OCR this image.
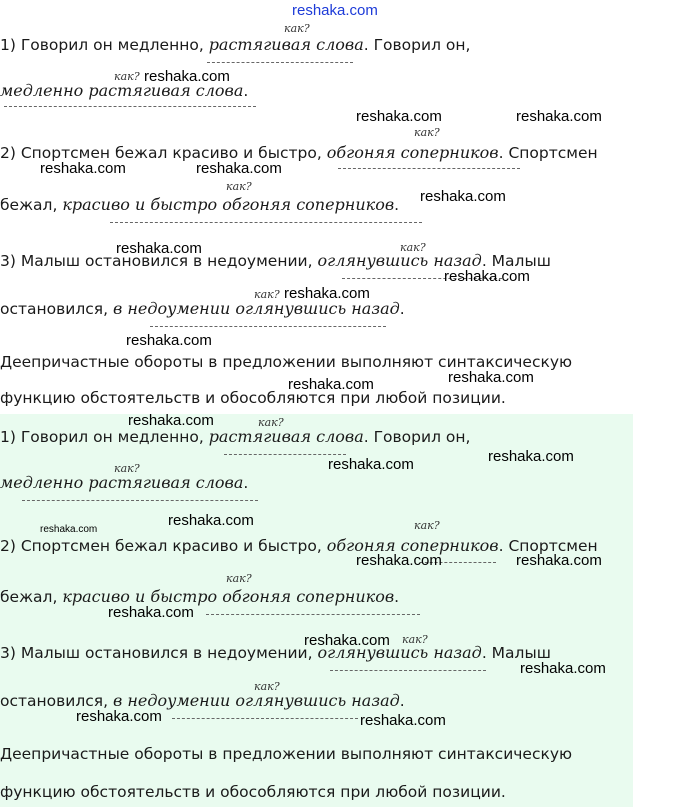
reshaka.com
как?
1) Говорил он медленно, растягивая слова. Говорил он,
как?
медленно растягивая слова.
как?
2) Спортсмен бежал красиво и быстро, обгоняя соперников. Спортсмен
как?
бежал, красиво и быстро обгоняя соперников.
как?
3) Малыш остановился в недоумении, оглянувшись назад. Малыш
как?
остановился, в недоумении оглянувшись назад.
Деепричастные обороты в предложении выполняют синтаксическую
функцию обстоятельств и обособляются при любой позиции.
как?
1) Говорил он медленно, растягивая слова. Говорил он,
как?
медленно растягивая слова.
как?
2) Спортсмен бежал красиво и быстро, обгоняя соперников. Спортсмен
как?
бежал, красиво и быстро обгоняя соперников.
как?
3) Малыш остановился в недоумении, оглянувшись назад. Малыш
как?
остановился, в недоумении оглянувшись назад.
Деепричастные обороты в предложении выполняют синтаксическую
функцию обстоятельств и обособляются при любой позиции.
reshaka.com
reshaka.com	reshaka.com
reshaka.com	reshaka.com
reshaka.com
reshaka.com
reshaka.com
reshaka.com
reshaka.com
reshaka.com
reshaka.com
reshaka.com
reshaka.com
reshaka.com
reshaka.com
reshaka.com
reshaka.com	reshaka.com
reshaka.com
reshaka.com
reshaka.com
reshaka.com	reshaka.com
